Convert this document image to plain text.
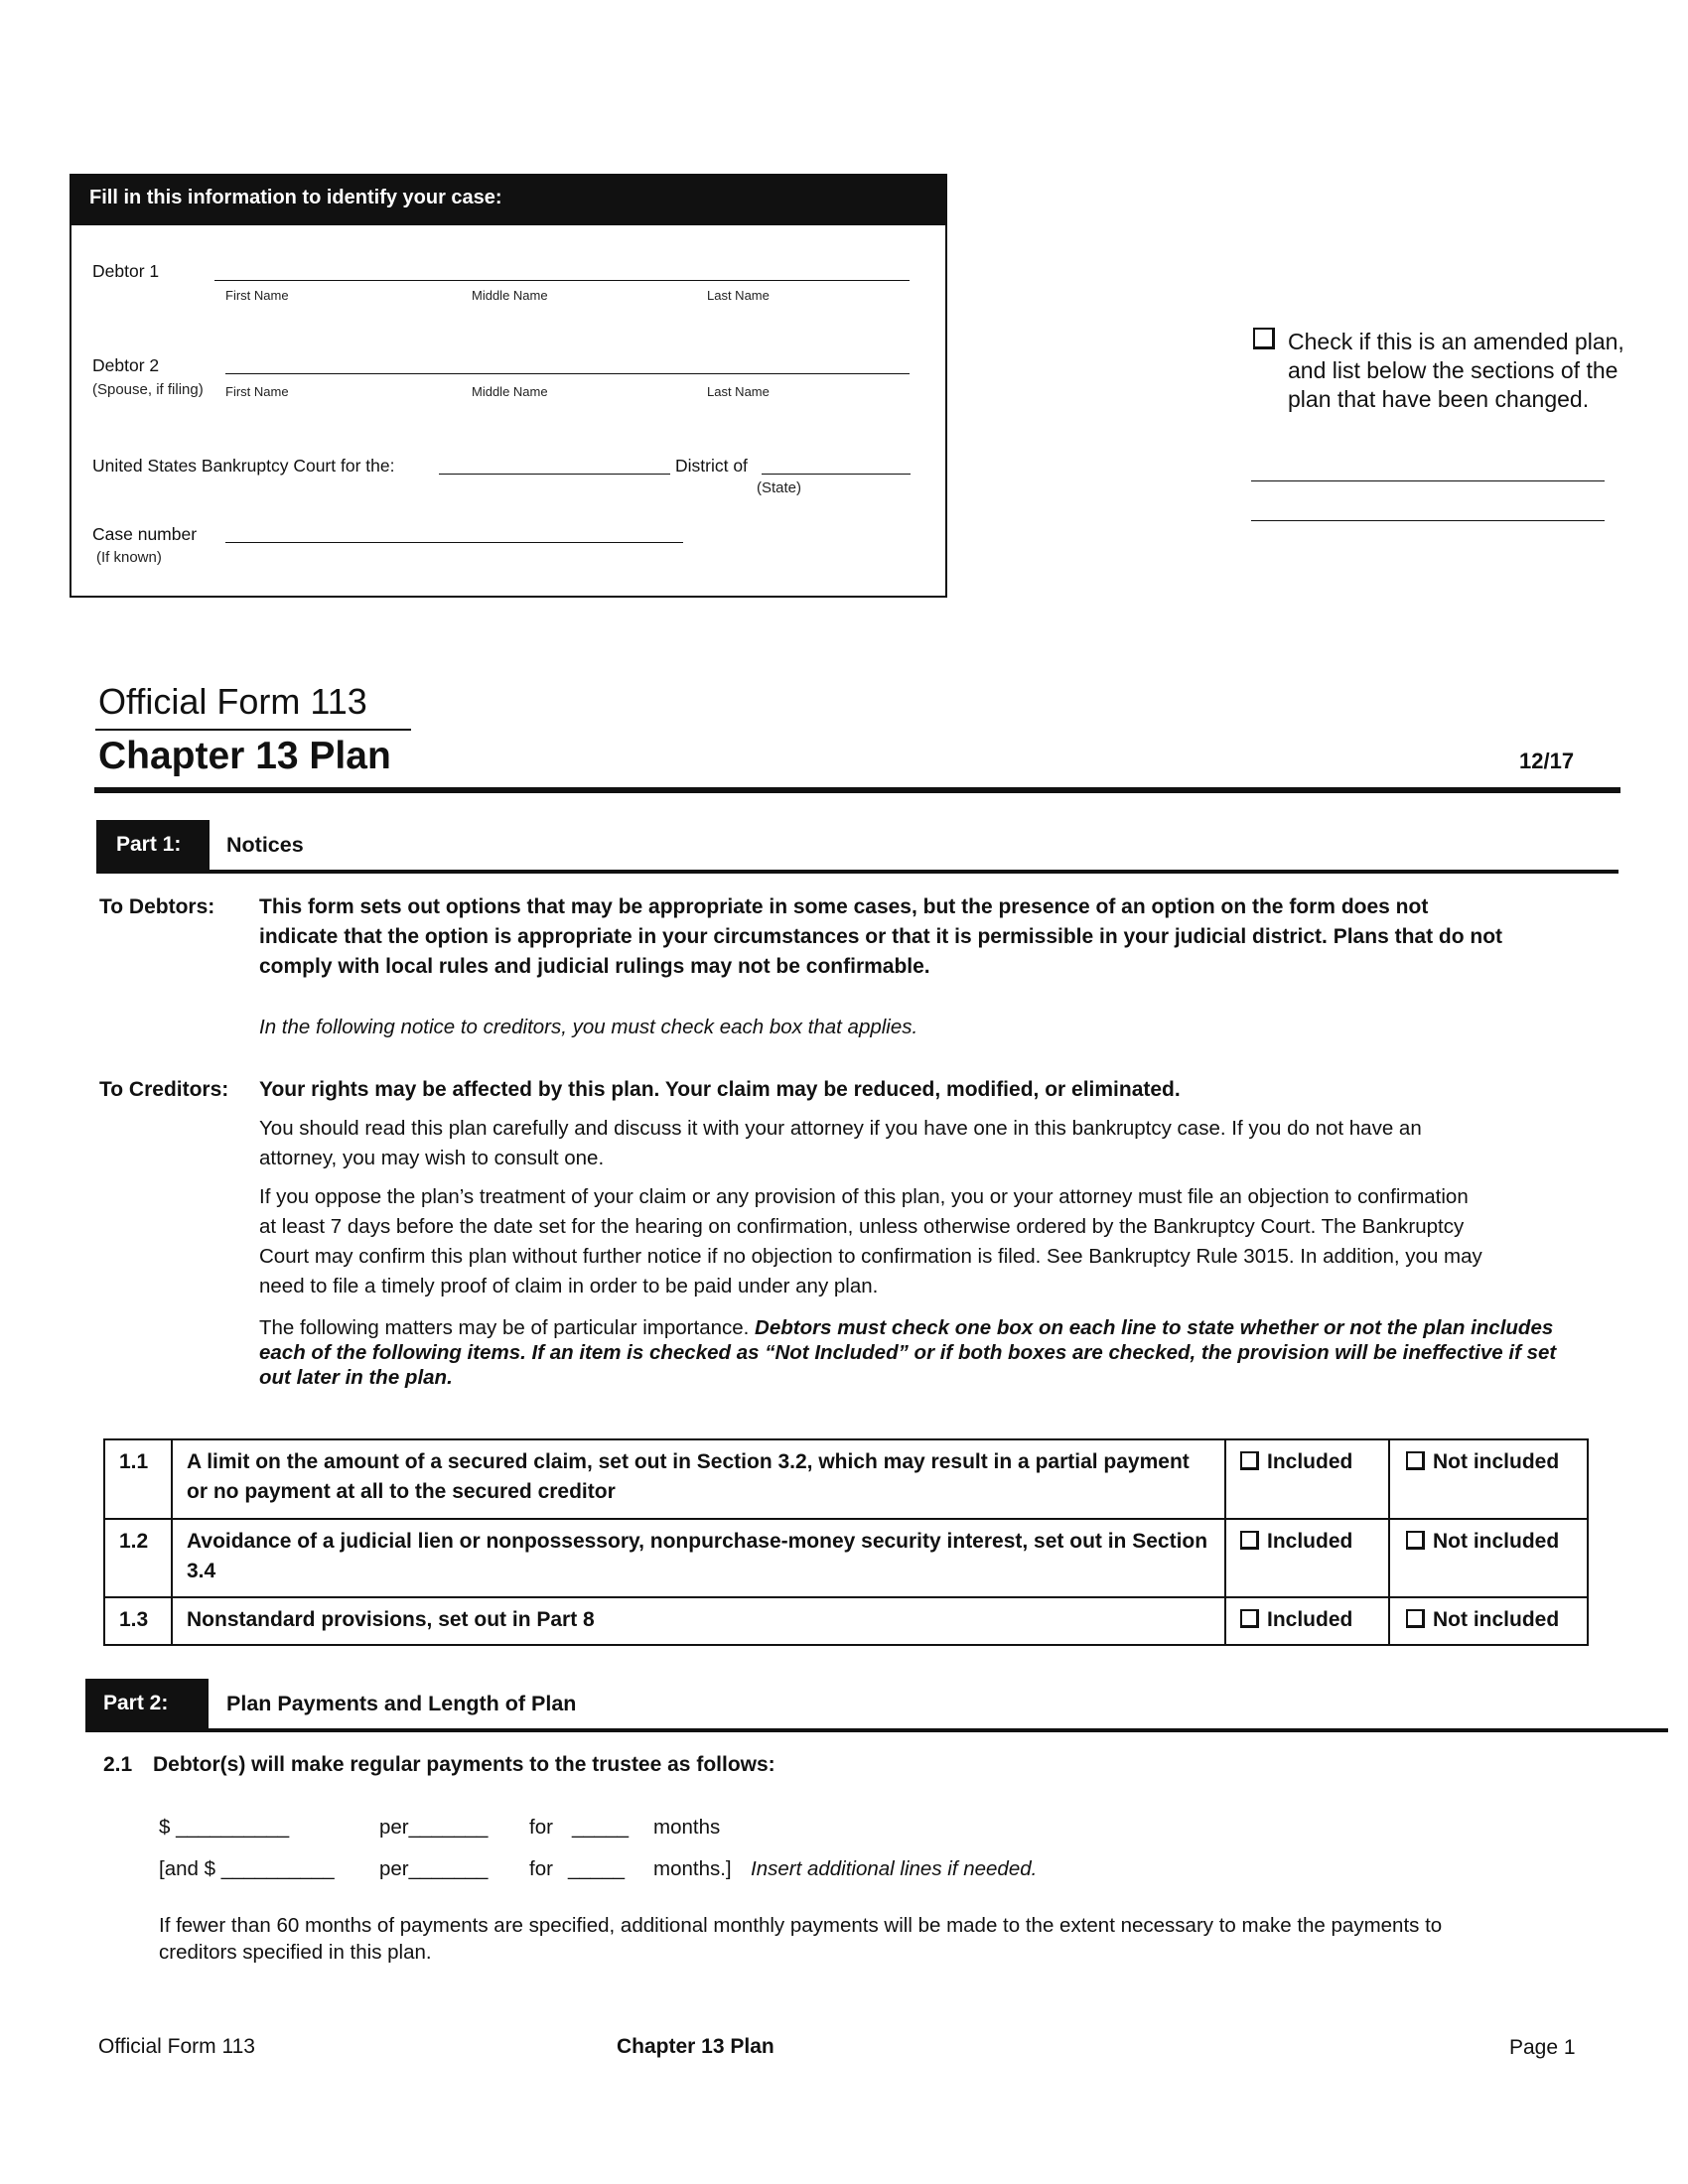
Fill in this information to identify your case:
Debtor 1
First Name	Middle Name	Last Name
Debtor 2
(Spouse, if filing) First Name	Middle Name	Last Name
United States Bankruptcy Court for the:	District of
(State)
Case number
(If known)
Check if this is an amended plan, and list below the sections of the plan that have been changed.
Official Form 113
Chapter 13 Plan	12/17
Part 1:	Notices
To Debtors: This form sets out options that may be appropriate in some cases, but the presence of an option on the form does not indicate that the option is appropriate in your circumstances or that it is permissible in your judicial district. Plans that do not comply with local rules and judicial rulings may not be confirmable.
In the following notice to creditors, you must check each box that applies.
To Creditors: Your rights may be affected by this plan. Your claim may be reduced, modified, or eliminated.
You should read this plan carefully and discuss it with your attorney if you have one in this bankruptcy case. If you do not have an attorney, you may wish to consult one.
If you oppose the plan’s treatment of your claim or any provision of this plan, you or your attorney must file an objection to confirmation at least 7 days before the date set for the hearing on confirmation, unless otherwise ordered by the Bankruptcy Court. The Bankruptcy Court may confirm this plan without further notice if no objection to confirmation is filed. See Bankruptcy Rule 3015. In addition, you may need to file a timely proof of claim in order to be paid under any plan.
The following matters may be of particular importance. Debtors must check one box on each line to state whether or not the plan includes each of the following items. If an item is checked as “Not Included” or if both boxes are checked, the provision will be ineffective if set out later in the plan.
1.1	A limit on the amount of a secured claim, set out in Section 3.2, which may result in a partial payment or no payment at all to the secured creditor	Included	Not included
1.2	Avoidance of a judicial lien or nonpossessory, nonpurchase-money security interest, set out in Section 3.4	Included	Not included
1.3	Nonstandard provisions, set out in Part 8	Included	Not included
Part 2:	Plan Payments and Length of Plan
2.1 Debtor(s) will make regular payments to the trustee as follows:
$ __________	per_______ for _____ months
[and $ __________ per_______ for _____ months.] Insert additional lines if needed.
If fewer than 60 months of payments are specified, additional monthly payments will be made to the extent necessary to make the payments to creditors specified in this plan.
Official Form 113	Chapter 13 Plan	Page 1
